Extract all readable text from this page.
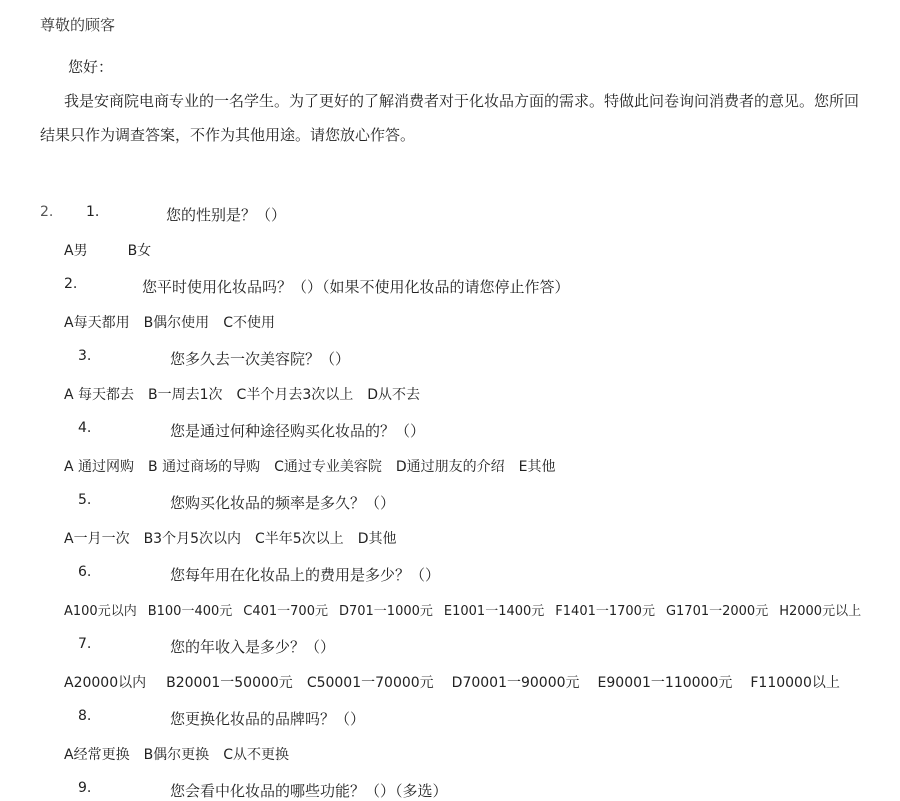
尊敬的顾客
您好：
我是安商院电商专业的一名学生。为了更好的了解消费者对于化妆品方面的需求。特做此问卷询问消费者的意见。您所回
结果只作为调查答案，不作为其他用途。请您放心作答。
2. 1.	您的性别是？（）
A男	B女
2.	您平时使用化妆品吗？（）（如果不使用化妆品的请您停止作答）
A每天都用 B偶尔使用 C不使用
3.	您多久去一次美容院？（）
A 每天都去 B一周去1次 C半个月去3次以上 D从不去
4.	您是通过何种途径购买化妆品的？（）
A 通过网购 B 通过商场的导购 C通过专业美容院 D通过朋友的介绍 E其他
5.	您购买化妆品的频率是多久？（）
A一月一次 B3个月5次以内 C半年5次以上 D其他
6.	您每年用在化妆品上的费用是多少？（）
A100元以内 B100一400元 C401一700元 D701一1000元 E1001一1400元 F1401一1700元 G1701一2000元 H2000元以上
7.	您的年收入是多少？（）
A20000以内 B20001一50000元 C50001一70000元 D70001一90000元 E90001一110000元 F110000以上
8.	您更换化妆品的品牌吗？（）
A经常更换 B偶尔更换 C从不更换
9.	您会看中化妆品的哪些功能？（）（多选）
